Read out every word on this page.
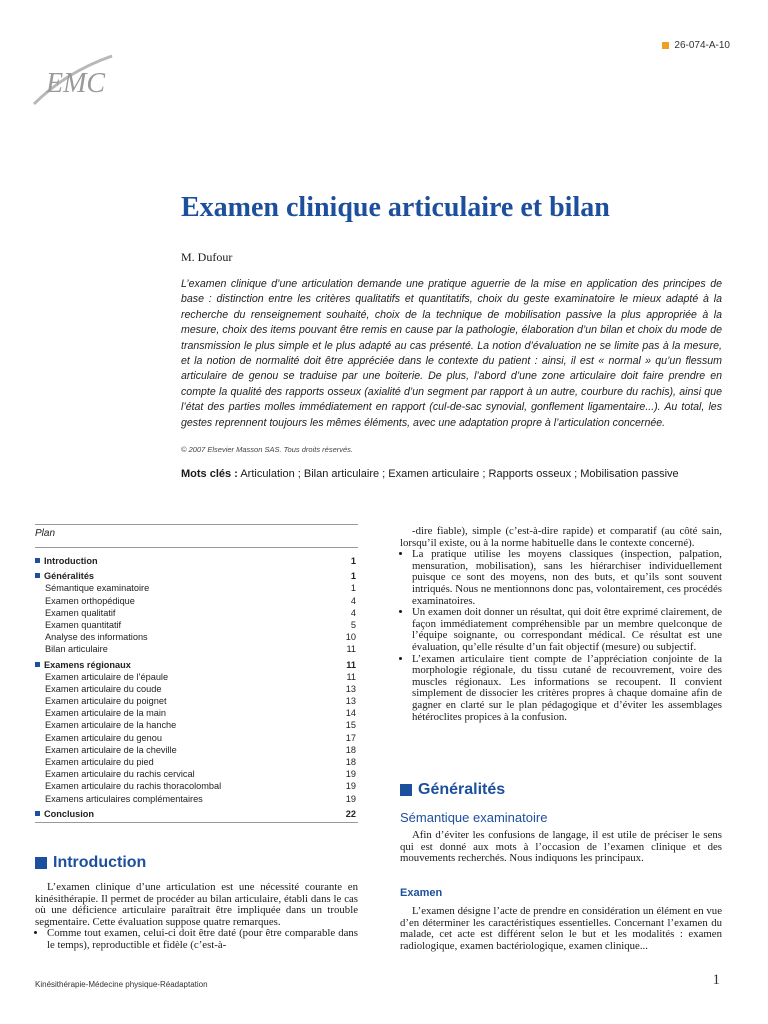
26-074-A-10
EMC
Examen clinique articulaire et bilan
M. Dufour
L’examen clinique d’une articulation demande une pratique aguerrie de la mise en application des principes de base : distinction entre les critères qualitatifs et quantitatifs, choix du geste examinatoire le mieux adapté à la recherche du renseignement souhaité, choix de la technique de mobilisation passive la plus appropriée à la mesure, choix des items pouvant être remis en cause par la pathologie, élaboration d’un bilan et choix du mode de transmission le plus simple et le plus adapté au cas présenté. La notion d’évaluation ne se limite pas à la mesure, et la notion de normalité doit être appréciée dans le contexte du patient : ainsi, il est « normal » qu’un flessum articulaire de genou se traduise par une boiterie. De plus, l’abord d’une zone articulaire doit faire prendre en compte la qualité des rapports osseux (axialité d’un segment par rapport à un autre, courbure du rachis), ainsi que l’état des parties molles immédiatement en rapport (cul-de-sac synovial, gonflement ligamentaire...). Au total, les gestes reprennent toujours les mêmes éléments, avec une adaptation propre à l’articulation concernée.
© 2007 Elsevier Masson SAS. Tous droits réservés.
Mots clés : Articulation ; Bilan articulaire ; Examen articulaire ; Rapports osseux ; Mobilisation passive
Plan
Introduction	1
Généralités	1
Sémantique examinatoire	1
Examen orthopédique	4
Examen qualitatif	4
Examen quantitatif	5
Analyse des informations	10
Bilan articulaire	11
Examens régionaux	11
Examen articulaire de l’épaule	11
Examen articulaire du coude	13
Examen articulaire du poignet	13
Examen articulaire de la main	14
Examen articulaire de la hanche	15
Examen articulaire du genou	17
Examen articulaire de la cheville	18
Examen articulaire du pied	18
Examen articulaire du rachis cervical	19
Examen articulaire du rachis thoracolombal	19
Examens articulaires complémentaires	19
Conclusion	22
Introduction

L’examen clinique d’une articulation est une nécessité courante en kinésithérapie. Il permet de procéder au bilan articulaire, établi dans le cas où une déficience articulaire paraîtrait être impliquée dans un trouble segmentaire. Cette évaluation suppose quatre remarques.

• Comme tout examen, celui-ci doit être daté (pour être comparable dans le temps), reproductible et fidèle (c’est-à-

-dire fiable), simple (c’est-à-dire rapide) et comparatif (au côté sain, lorsqu’il existe, ou à la norme habituelle dans le contexte concerné).

• La pratique utilise les moyens classiques (inspection, palpation, mensuration, mobilisation), sans les hiérarchiser individuellement puisque ce sont des moyens, non des buts, et qu’ils sont souvent intriqués. Nous ne mentionnons donc pas, volontairement, ces procédés examinatoires.
• Un examen doit donner un résultat, qui doit être exprimé clairement, de façon immédiatement compréhensible par un membre quelconque de l’équipe soignante, ou correspondant médical. Ce résultat est une évaluation, qu’elle résulte d’un fait objectif (mesure) ou subjectif.
• L’examen articulaire tient compte de l’appréciation conjointe de la morphologie régionale, du tissu cutané de recouvrement, voire des muscles régionaux. Les informations se recoupent. Il convient simplement de dissocier les critères propres à chaque domaine afin de gagner en clarté sur le plan pédagogique et d’éviter les assemblages hétéroclites propices à la confusion.
Généralités
Sémantique examinatoire

Afin d’éviter les confusions de langage, il est utile de préciser le sens qui est donné aux mots à l’occasion de l’examen clinique et des mouvements recherchés. Nous indiquons les principaux.

Examen

L’examen désigne l’acte de prendre en considération un élément en vue d’en déterminer les caractéristiques essentielles. Concernant l’examen du malade, cet acte est différent selon le but et les modalités : examen radiologique, examen bactériologique, examen clinique...

Kinésithérapie-Médecine physique-Réadaptation	1
